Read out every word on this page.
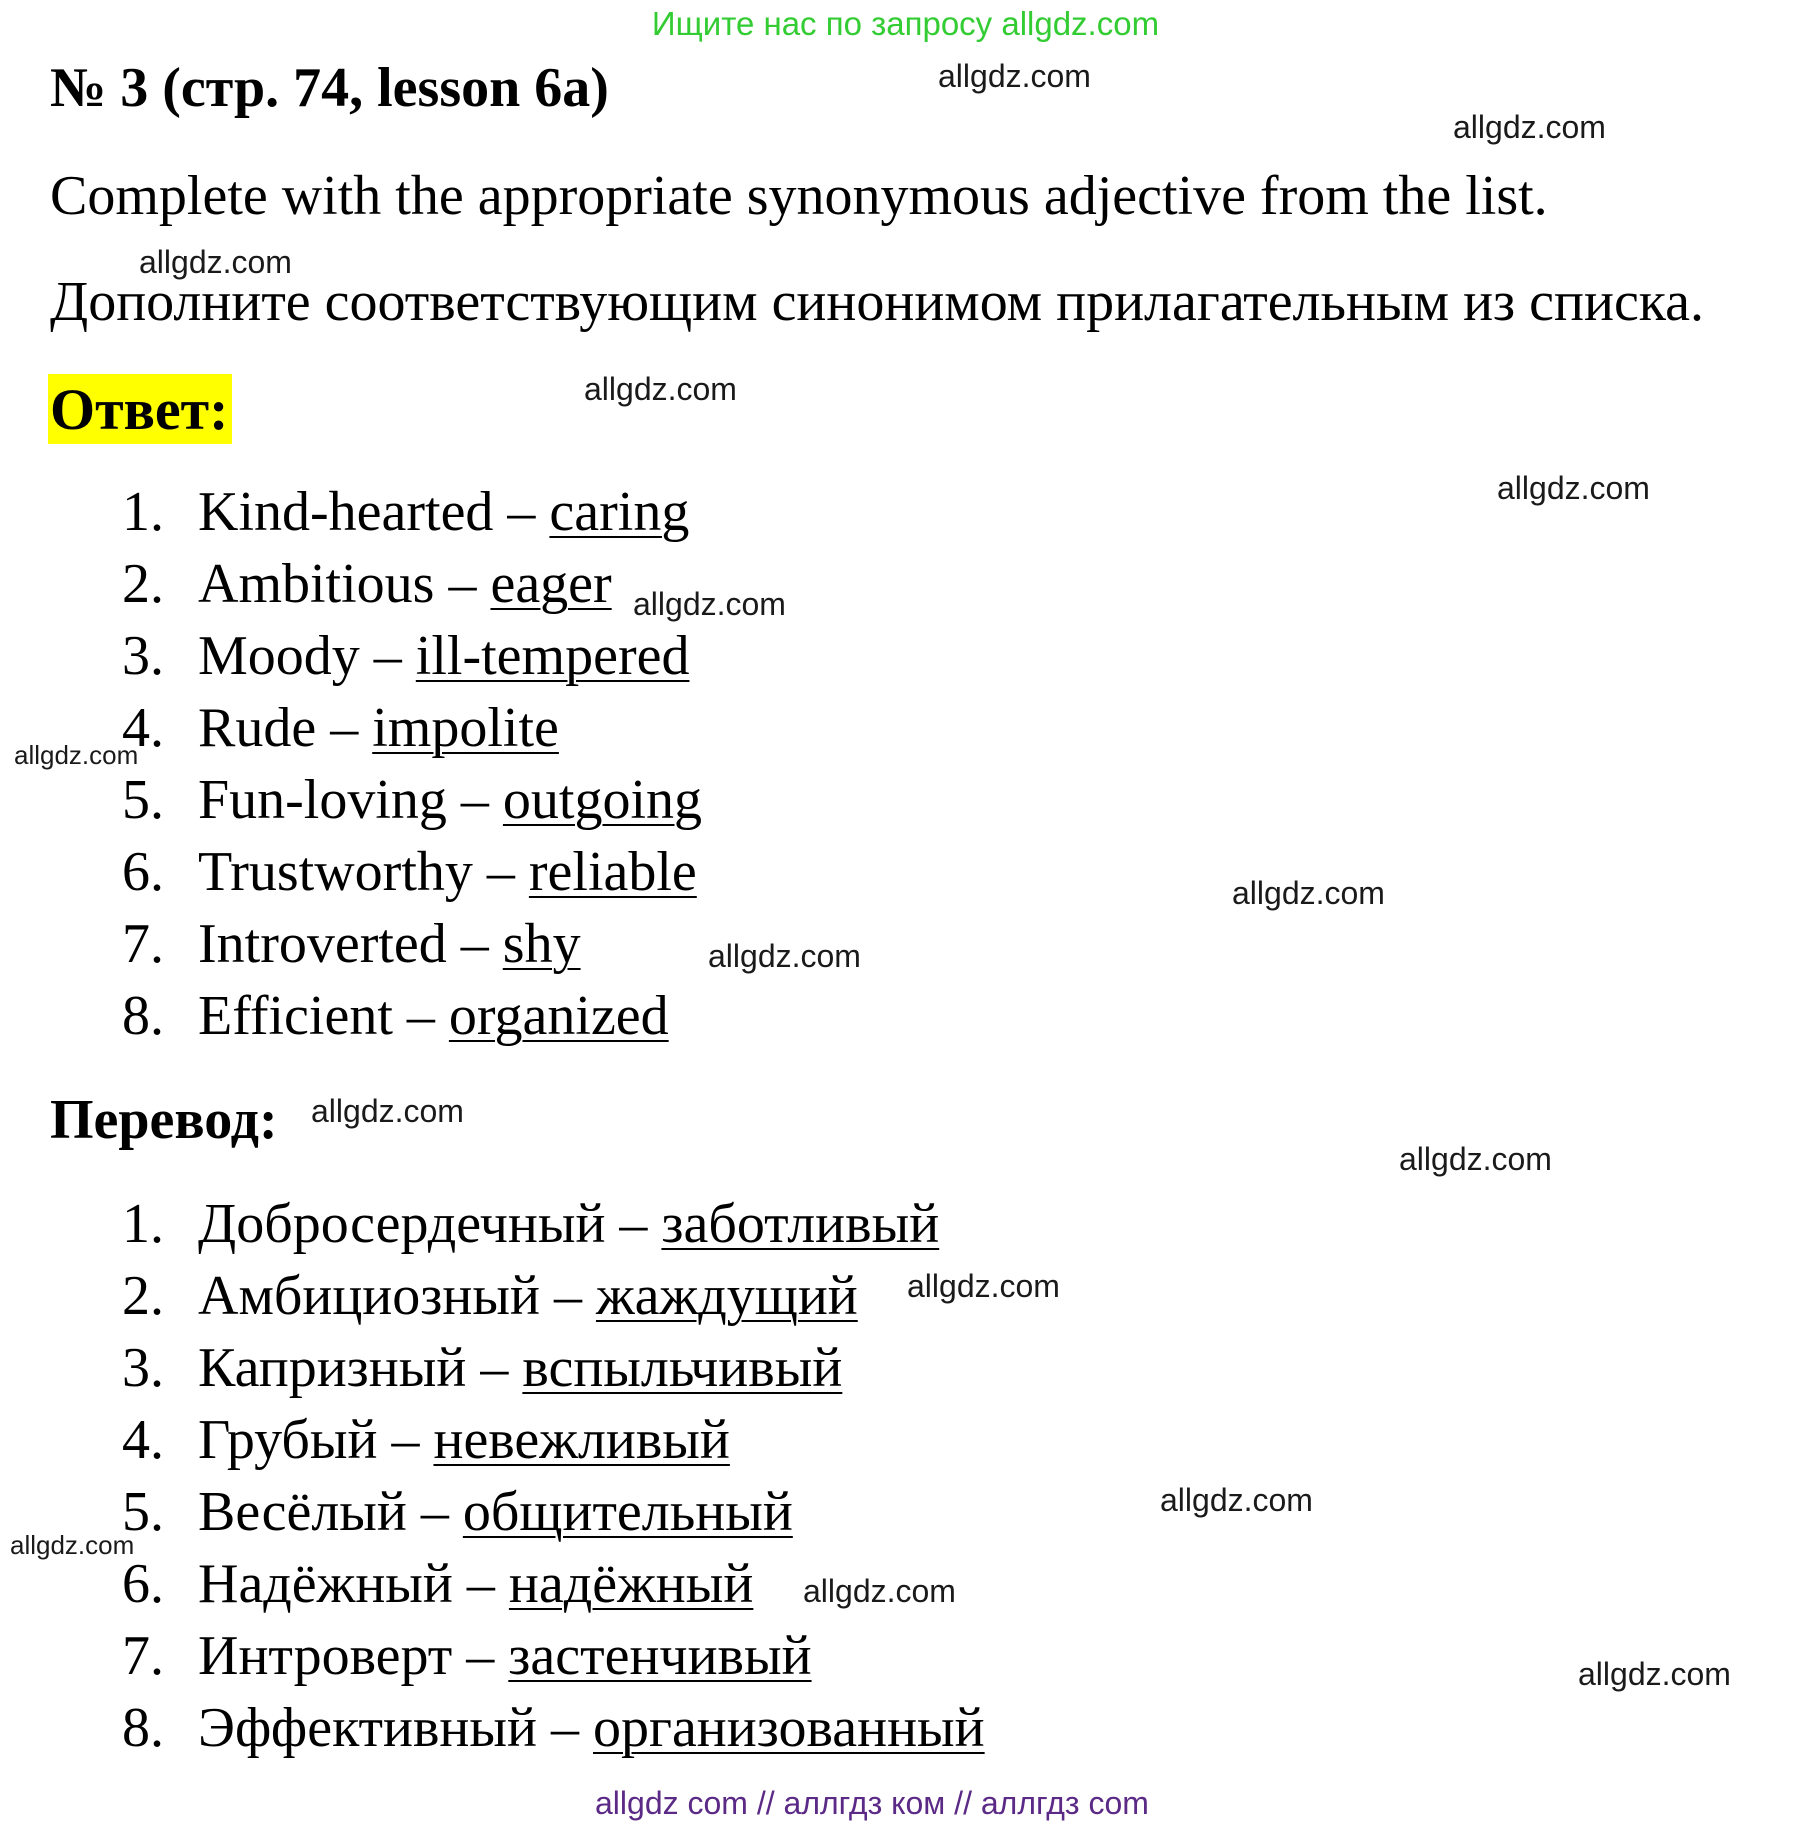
Ищите нас по запросу allgdz.com
№ 3 (стр. 74, lesson 6a)
Complete with the appropriate synonymous adjective from the list.
Дополните соответствующим синонимом прилагательным из списка.
Ответ:
1. Kind-hearted – caring
2. Ambitious – eager
3. Moody – ill-tempered
4. Rude – impolite
5. Fun-loving – outgoing
6. Trustworthy – reliable
7. Introverted – shy
8. Efficient – organized
Перевод:
1. Добросердечный – заботливый
2. Амбициозный – жаждущий
3. Капризный – вспыльчивый
4. Грубый – невежливый
5. Весёлый – общительный
6. Надёжный – надёжный
7. Интроверт – застенчивый
8. Эффективный – организованный
allgdz.com
allgdz.com
allgdz.com
allgdz.com
allgdz.com
allgdz.com
allgdz.com
allgdz.com
allgdz.com
allgdz.com
allgdz.com
allgdz.com
allgdz.com
allgdz.com
allgdz.com
allgdz.com
allgdz com // аллгдз ком // аллгдз com
